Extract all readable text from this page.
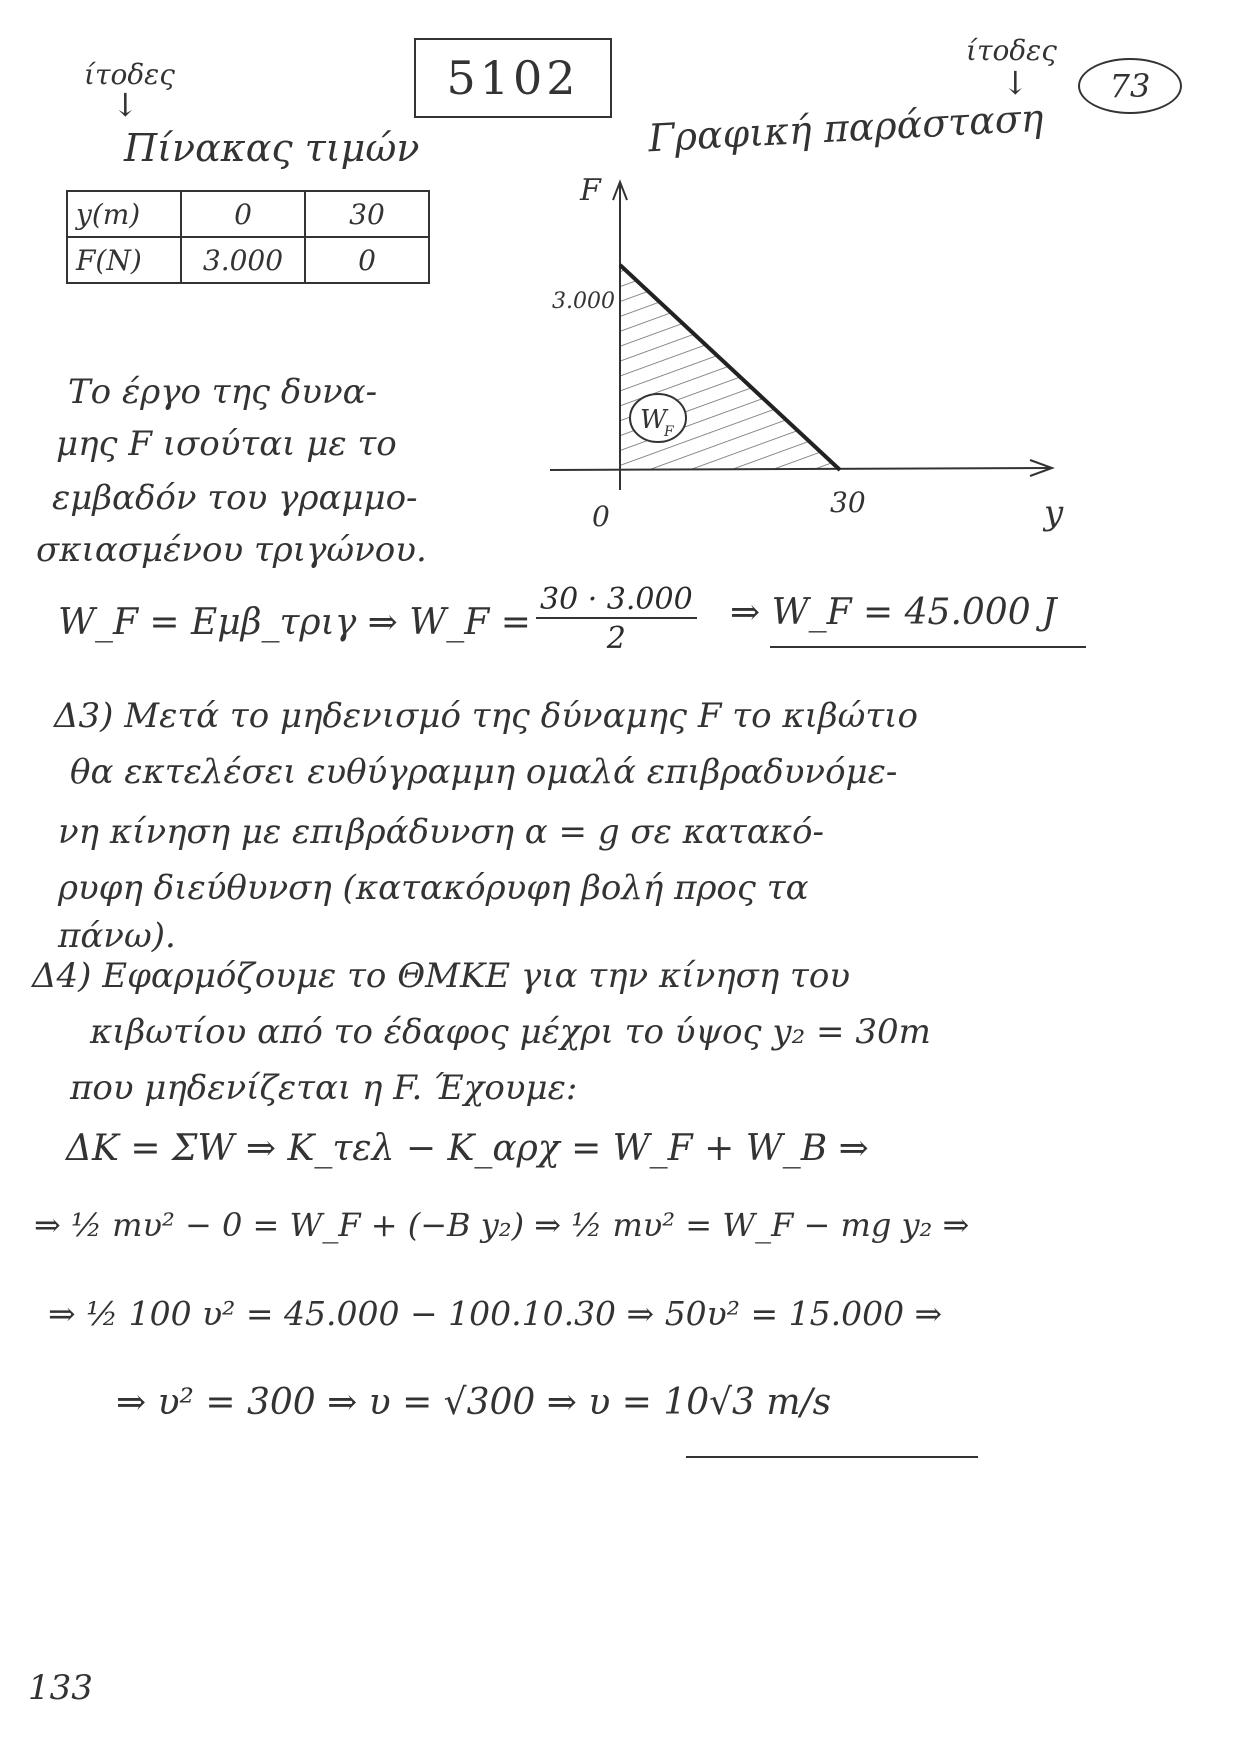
ίτοδες
↓	5102
ίτοδες
↓	73
Πίνακας τιμών	Γραφική παράσταση
y(m)	0	30
F(N)	3.000	0
F
y
3.000
30
0
W
F
Το έργο της δυνα-
μης F ισούται με το
εμβαδόν του γραμμο-
σκιασμένου τριγώνου.
W_F = Εμβ_τριγ ⇒ W_F = $\frac{30 \cdot 3.000}{2}$ ⇒ W_F = 45.000 J
Δ3) Μετά το μηδενισμό της δύναμης F το κιβώτιο
θα εκτελέσει ευθύγραμμη ομαλά επιβραδυνόμε-
νη κίνηση με επιβράδυνση α = g σε κατακό-
ρυφη διεύθυνση (κατακόρυφη βολή προς τα
πάνω).
Δ4) Εφαρμόζουμε το ΘΜΚΕ για την κίνηση του
κιβωτίου από το έδαφος μέχρι το ύψος y₂ = 30m
που μηδενίζεται η F. Έχουμε:
ΔK = ΣW ⇒ K_τελ − K_αρχ = W_F + W_B ⇒
⇒ ½ mυ² − 0 = W_F + (−B y₂) ⇒ ½ mυ² = W_F − mg y₂ ⇒
⇒ ½ 100 υ² = 45.000 − 100.10.30 ⇒ 50υ² = 15.000 ⇒
⇒ υ² = 300 ⇒ υ = √300 ⇒ υ = 10√3 m/s
133
